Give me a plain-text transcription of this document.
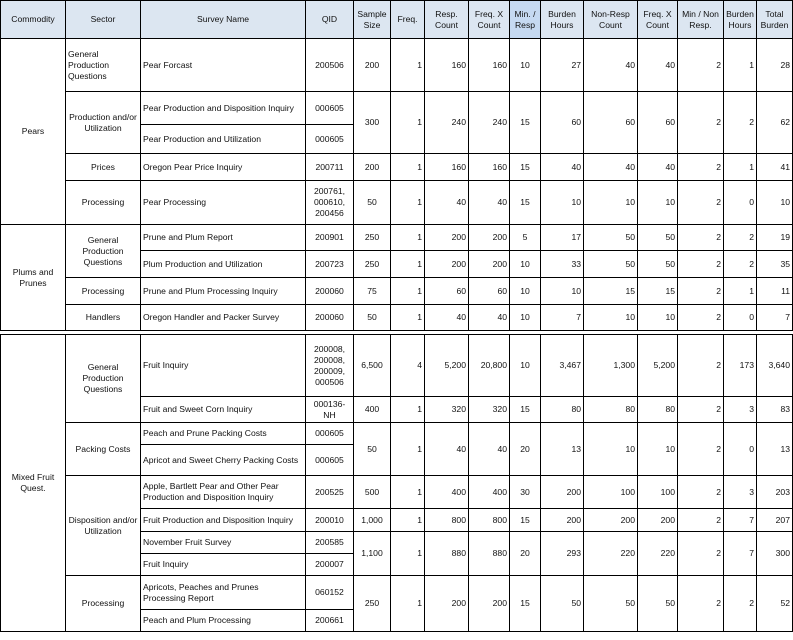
Commodity	Sector	Survey Name	QID	Sample Size	Freq.	Resp. Count	Freq. X Count	Min. / Resp	Burden Hours	Non-Resp Count	Freq. X Count	Min / Non Resp.	Burden Hours	Total Burden
Pears	General Production Questions	Pear Forcast	200506	200	1	160	160	10	27	40	40	2	1	28
	Production and/or Utilization	Pear Production and Disposition Inquiry	000605	300	1	240	240	15	60	60	60	2	2	62
		Pear Production and Utilization	000605											
	Prices	Oregon Pear Price Inquiry	200711	200	1	160	160	15	40	40	40	2	1	41
	Processing	Pear Processing	200761, 000610, 200456	50	1	40	40	15	10	10	10	2	0	10
Plums and Prunes	General Production Questions	Prune and Plum Report	200901	250	1	200	200	5	17	50	50	2	2	19
		Plum Production and Utilization	200723	250	1	200	200	10	33	50	50	2	2	35
	Processing	Prune and Plum Processing Inquiry	200060	75	1	60	60	10	10	15	15	2	1	11
	Handlers	Oregon Handler and Packer Survey	200060	50	1	40	40	10	7	10	10	2	0	7

Mixed Fruit Quest.	General Production Questions	Fruit Inquiry	200008, 200008, 200009, 000506	6,500	4	5,200	20,800	10	3,467	1,300	5,200	2	173	3,640
		Fruit and Sweet Corn Inquiry	000136-NH	400	1	320	320	15	80	80	80	2	3	83
	Packing Costs	Peach and Prune Packing Costs	000605	50	1	40	40	20	13	10	10	2	0	13
		Apricot and Sweet Cherry Packing Costs	000605											
	Disposition and/or Utilization	Apple, Bartlett Pear and Other Pear Production and Disposition Inquiry	200525	500	1	400	400	30	200	100	100	2	3	203
		Fruit Production and Disposition Inquiry	200010	1,000	1	800	800	15	200	200	200	2	7	207
		November Fruit Survey	200585	1,100	1	880	880	20	293	220	220	2	7	300
		Fruit Inquiry	200007											
	Processing	Apricots, Peaches and Prunes Processing Report	060152	250	1	200	200	15	50	50	50	2	2	52
		Peach and Plum Processing	200661											
